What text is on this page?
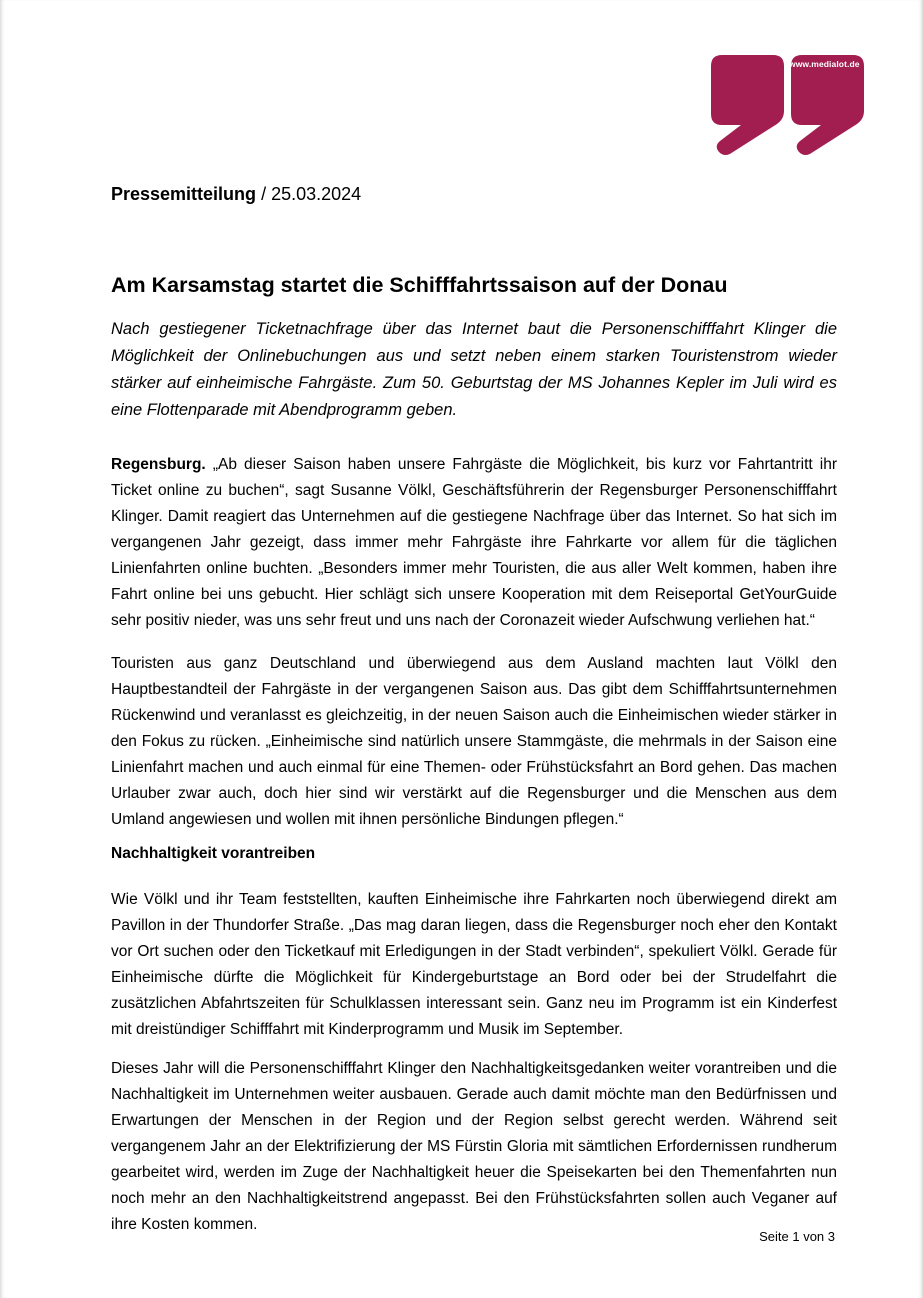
www.medialot.de
Pressemitteilung / 25.03.2024
Am Karsamstag startet die Schifffahrtssaison auf der Donau

Nach gestiegener Ticketnachfrage über das Internet baut die Personenschifffahrt Klinger die Möglichkeit der Onlinebuchungen aus und setzt neben einem starken Touristenstrom wieder stärker auf einheimische Fahrgäste. Zum 50. Geburtstag der MS Johannes Kepler im Juli wird es eine Flottenparade mit Abendprogramm geben.

Regensburg. „Ab dieser Saison haben unsere Fahrgäste die Möglichkeit, bis kurz vor Fahrtantritt ihr Ticket online zu buchen“, sagt Susanne Völkl, Geschäftsführerin der Regensburger Personenschifffahrt Klinger. Damit reagiert das Unternehmen auf die gestiegene Nachfrage über das Internet. So hat sich im vergangenen Jahr gezeigt, dass immer mehr Fahrgäste ihre Fahrkarte vor allem für die täglichen Linienfahrten online buchten. „Besonders immer mehr Touristen, die aus aller Welt kommen, haben ihre Fahrt online bei uns gebucht. Hier schlägt sich unsere Kooperation mit dem Reiseportal GetYourGuide sehr positiv nieder, was uns sehr freut und uns nach der Coronazeit wieder Aufschwung verliehen hat.“

Touristen aus ganz Deutschland und überwiegend aus dem Ausland machten laut Völkl den Hauptbestandteil der Fahrgäste in der vergangenen Saison aus. Das gibt dem Schifffahrtsunternehmen Rückenwind und veranlasst es gleichzeitig, in der neuen Saison auch die Einheimischen wieder stärker in den Fokus zu rücken. „Einheimische sind natürlich unsere Stammgäste, die mehrmals in der Saison eine Linienfahrt machen und auch einmal für eine Themen- oder Frühstücksfahrt an Bord gehen. Das machen Urlauber zwar auch, doch hier sind wir verstärkt auf die Regensburger und die Menschen aus dem Umland angewiesen und wollen mit ihnen persönliche Bindungen pflegen.“

Nachhaltigkeit vorantreiben

Wie Völkl und ihr Team feststellten, kauften Einheimische ihre Fahrkarten noch überwiegend direkt am Pavillon in der Thundorfer Straße. „Das mag daran liegen, dass die Regensburger noch eher den Kontakt vor Ort suchen oder den Ticketkauf mit Erledigungen in der Stadt verbinden“, spekuliert Völkl. Gerade für Einheimische dürfte die Möglichkeit für Kindergeburtstage an Bord oder bei der Strudelfahrt die zusätzlichen Abfahrtszeiten für Schulklassen interessant sein. Ganz neu im Programm ist ein Kinderfest mit dreistündiger Schifffahrt mit Kinderprogramm und Musik im September.

Dieses Jahr will die Personenschifffahrt Klinger den Nachhaltigkeitsgedanken weiter vorantreiben und die Nachhaltigkeit im Unternehmen weiter ausbauen. Gerade auch damit möchte man den Bedürfnissen und Erwartungen der Menschen in der Region und der Region selbst gerecht werden. Während seit vergangenem Jahr an der Elektrifizierung der MS Fürstin Gloria mit sämtlichen Erfordernissen rundherum gearbeitet wird, werden im Zuge der Nachhaltigkeit heuer die Speisekarten bei den Themenfahrten nun noch mehr an den Nachhaltigkeitstrend angepasst. Bei den Frühstücksfahrten sollen auch Veganer auf ihre Kosten kommen.

Seite 1 von 3
